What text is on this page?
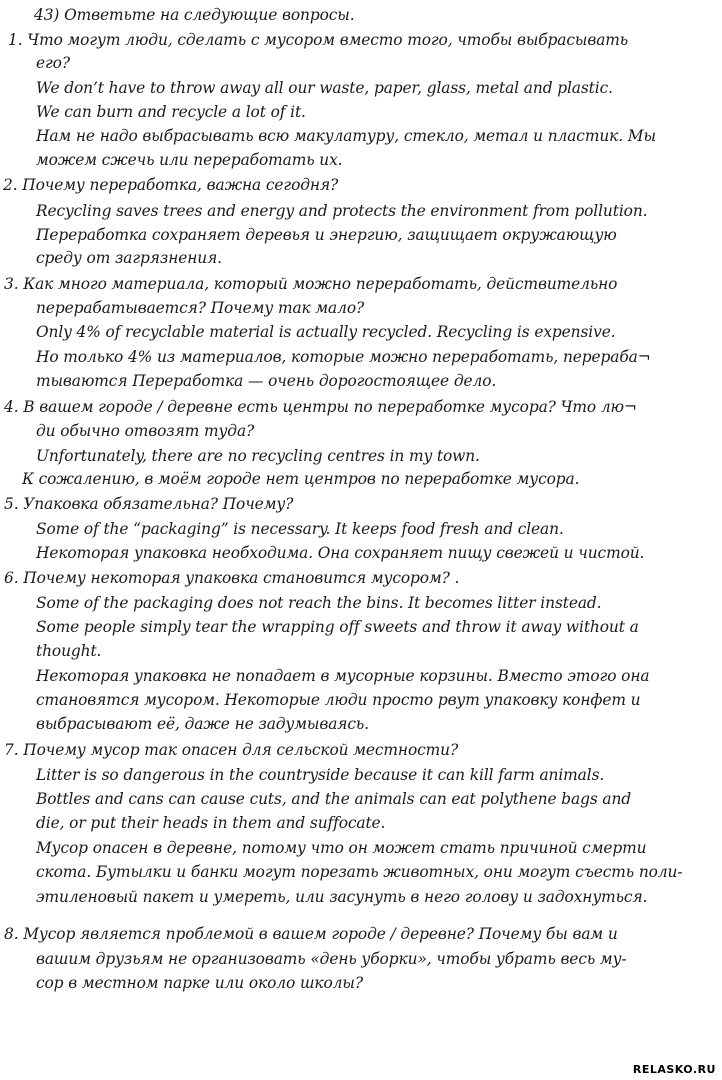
43) Ответьте на следующие вопросы.
1. Что могут люди, сделать с мусором вместо того, чтобы выбрасывать
его?
We don’t have to throw away all our waste, paper, glass, metal and plastic.
We can burn and recycle a lot of it.
Нам не надо выбрасывать всю макулатуру, стекло, метал и пластик. Мы
можем сжечь или переработать их.
2. Почему переработка, важна сегодня?
Recycling saves trees and energy and protects the environment from pollution.
Переработка сохраняет деревья и энергию, защищает окружающую
среду от загрязнения.
3. Как много материала, который можно переработать, действительно
перерабатывается? Почему так мало?
Only 4% of recyclable material is actually recycled. Recycling is expensive.
Но только 4% из материалов, которые можно переработать, перераба¬
тываются Переработка — очень дорогостоящее дело.
4. В вашем городе / деревне есть центры по переработке мусора? Что лю¬
ди обычно отвозят туда?
Unfortunately, there are no recycling centres in my town.
К сожалению, в моём городе нет центров по переработке мусора.
5. Упаковка обязательна? Почему?
Some of the “packaging” is necessary. It keeps food fresh and clean.
Некоторая упаковка необходима. Она сохраняет пищу свежей и чистой.
6. Почему некоторая упаковка становится мусором? .
Some of the packaging does not reach the bins. It becomes litter instead.
Some people simply tear the wrapping off sweets and throw it away without a
thought.
Некоторая упаковка не попадает в мусорные корзины. Вместо этого она
становятся мусором. Некоторые люди просто рвут упаковку конфет и
выбрасывают её, даже не задумываясь.
7. Почему мусор так опасен для сельской местности?
Litter is so dangerous in the countryside because it can kill farm animals.
Bottles and cans can cause cuts, and the animals can eat polythene bags and
die, or put their heads in them and suffocate.
Мусор опасен в деревне, потому что он может стать причиной смерти
скота. Бутылки и банки могут порезать животных, они могут съесть поли-
этиленовый пакет и умереть, или засунуть в него голову и задохнуться.
8. Мусор является проблемой в вашем городе / деревне? Почему бы вам и
вашим друзьям не организовать «день уборки», чтобы убрать весь му-
сор в местном парке или около школы?
RELASKO.RU
